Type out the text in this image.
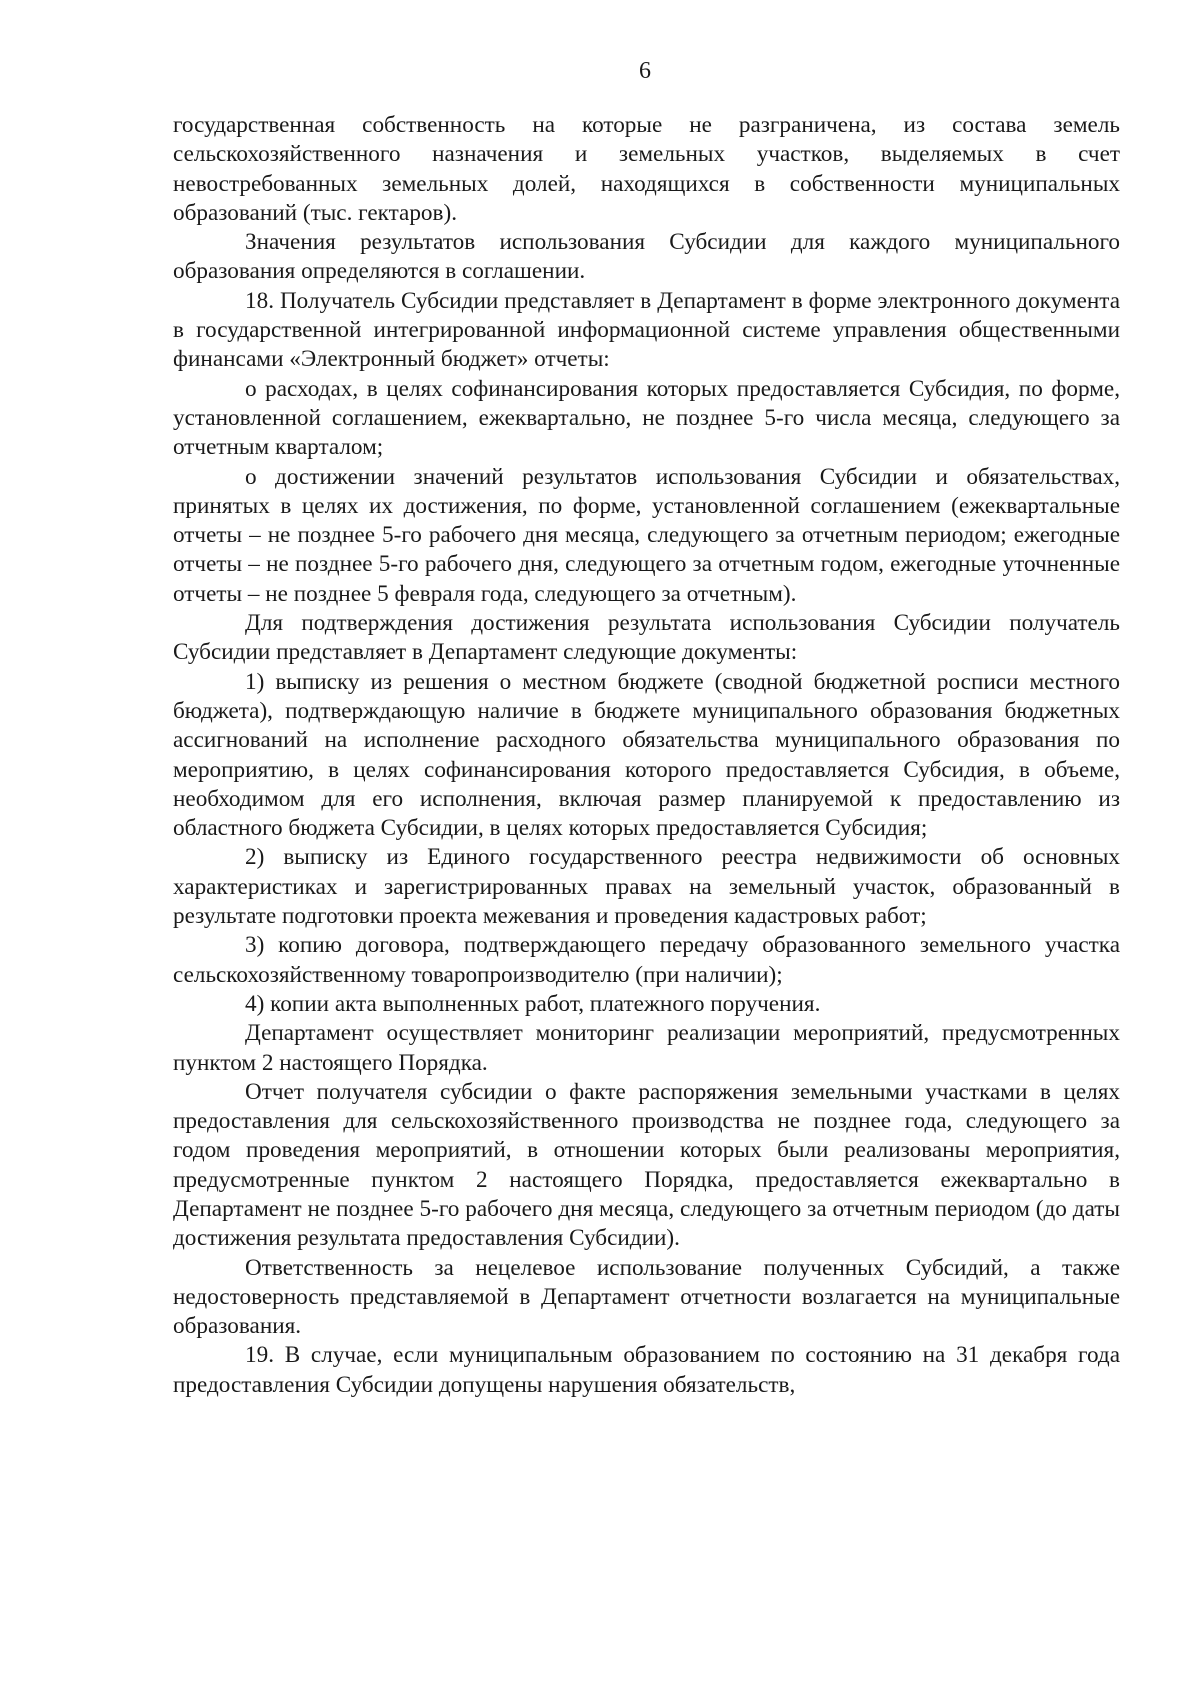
6

государственная собственность на которые не разграничена, из состава земель сельскохозяйственного назначения и земельных участков, выделяемых в счет невостребованных земельных долей, находящихся в собственности муниципальных образований (тыс. гектаров).

Значения результатов использования Субсидии для каждого муниципального образования определяются в соглашении.

18. Получатель Субсидии представляет в Департамент в форме электронного документа в государственной интегрированной информационной системе управления общественными финансами «Электронный бюджет» отчеты:

о расходах, в целях софинансирования которых предоставляется Субсидия, по форме, установленной соглашением, ежеквартально, не позднее 5-го числа месяца, следующего за отчетным кварталом;

о достижении значений результатов использования Субсидии и обязательствах, принятых в целях их достижения, по форме, установленной соглашением (ежеквартальные отчеты – не позднее 5-го рабочего дня месяца, следующего за отчетным периодом; ежегодные отчеты – не позднее 5-го рабочего дня, следующего за отчетным годом, ежегодные уточненные отчеты – не позднее 5 февраля года, следующего за отчетным).

Для подтверждения достижения результата использования Субсидии получатель Субсидии представляет в Департамент следующие документы:

1) выписку из решения о местном бюджете (сводной бюджетной росписи местного бюджета), подтверждающую наличие в бюджете муниципального образования бюджетных ассигнований на исполнение расходного обязательства муниципального образования по мероприятию, в целях софинансирования которого предоставляется Субсидия, в объеме, необходимом для его исполнения, включая размер планируемой к предоставлению из областного бюджета Субсидии, в целях которых предоставляется Субсидия;

2) выписку из Единого государственного реестра недвижимости об основных характеристиках и зарегистрированных правах на земельный участок, образованный в результате подготовки проекта межевания и проведения кадастровых работ;

3) копию договора, подтверждающего передачу образованного земельного участка сельскохозяйственному товаропроизводителю (при наличии);

4) копии акта выполненных работ, платежного поручения.

Департамент осуществляет мониторинг реализации мероприятий, предусмотренных пунктом 2 настоящего Порядка.

Отчет получателя субсидии о факте распоряжения земельными участками в целях предоставления для сельскохозяйственного производства не позднее года, следующего за годом проведения мероприятий, в отношении которых были реализованы мероприятия, предусмотренные пунктом 2 настоящего Порядка, предоставляется ежеквартально в Департамент не позднее 5-го рабочего дня месяца, следующего за отчетным периодом (до даты достижения результата предоставления Субсидии).

Ответственность за нецелевое использование полученных Субсидий, а также недостоверность представляемой в Департамент отчетности возлагается на муниципальные образования.

19. В случае, если муниципальным образованием по состоянию на 31 декабря года предоставления Субсидии допущены нарушения обязательств,
